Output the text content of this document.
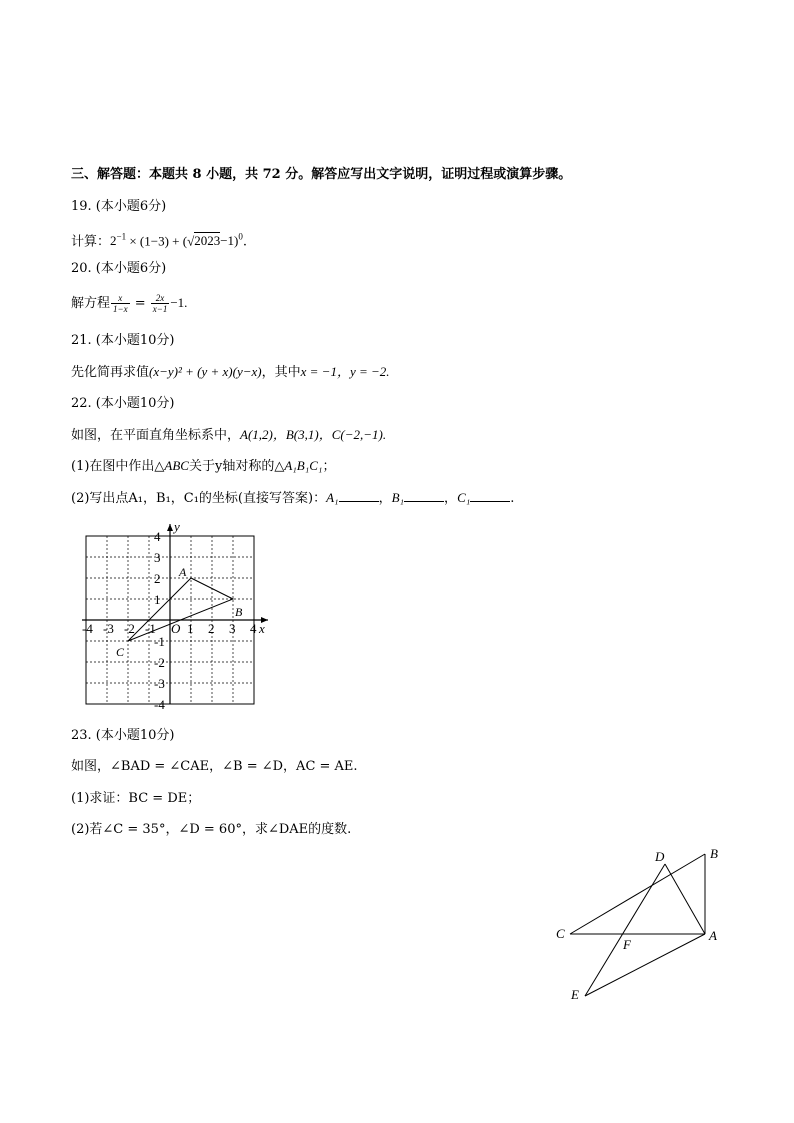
三、解答题：本题共 8 小题，共 72 分。解答应写出文字说明，证明过程或演算步骤。
19. (本小题6分)
计算：$2^{-1} \times (1-3) + (√2023-1)^0$.
20. (本小题6分)
解方程 $\frac{x}{1-x} = \frac{2x}{x-1} -1$.
21. (本小题10分)
先化简再求值(x−y)² + (y + x)(y−x)，其中x = −1，y = −2.
22. (本小题10分)
如图，在平面直角坐标系中，A(1,2)，B(3,1)，C(−2,−1).
(1)在图中作出△ABC关于y轴对称的△A₁B₁C₁；
(2)写出点A₁，B₁，C₁的坐标(直接写答案)：A₁	，B₁	，C₁	.
-4 -3 -2 -1 1 2 3 4
4
3
2
1
-1
-2
-3
-4
x
y
O
A
B
C
23. (本小题10分)
如图，∠BAD = ∠CAE，∠B = ∠D，AC = AE.
(1)求证：BC = DE；
(2)若∠C = 35°，∠D = 60°，求∠DAE的度数.
D	B
C
F
A
E
